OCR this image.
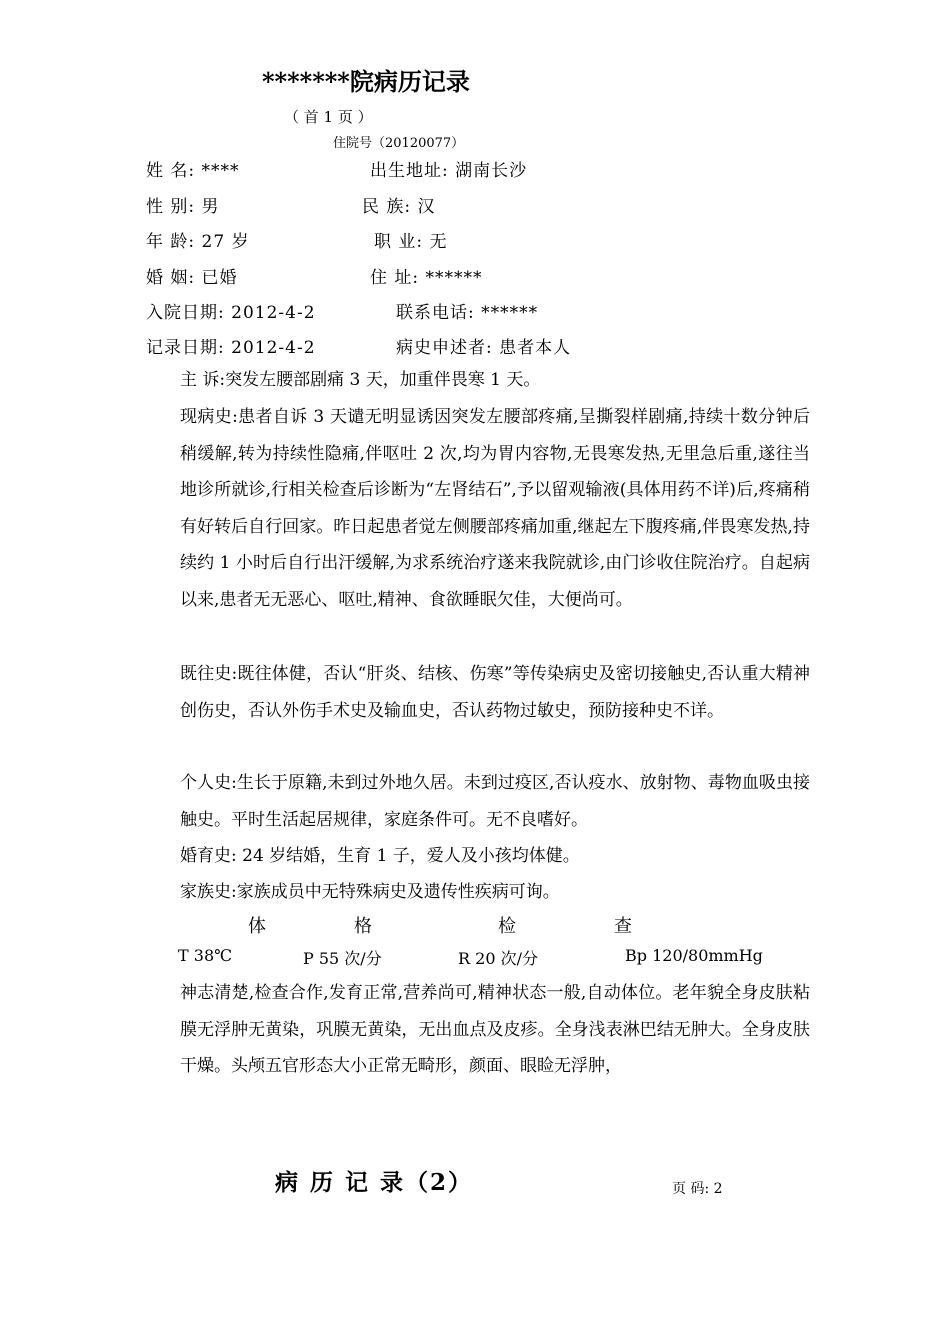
*******院病历记录
（ 首 1 页 ）
住院号（20120077）
姓 名: ****	出生地址: 湖南长沙
性 别: 男	民 族: 汉
年 龄: 27 岁	职 业: 无
婚 姻: 已婚	住 址: ******
入院日期: 2012-4-2	联系电话: ******
记录日期: 2012-4-2	病史申述者: 患者本人
主 诉:突发左腰部剧痛 3 天，加重伴畏寒 1 天。
现病史:患者自诉 3 天谴无明显诱因突发左腰部疼痛,呈撕裂样剧痛,持续十数分钟后稍缓解,转为持续性隐痛,伴呕吐 2 次,均为胃内容物,无畏寒发热,无里急后重,遂往当地诊所就诊,行相关检查后诊断为“左肾结石”,予以留观输液(具体用药不详)后,疼痛稍有好转后自行回家。昨日起患者觉左侧腰部疼痛加重,继起左下腹疼痛,伴畏寒发热,持续约 1 小时后自行出汗缓解,为求系统治疗遂来我院就诊,由门诊收住院治疗。自起病以来,患者无无恶心、呕吐,精神、食欲睡眠欠佳，大便尚可。
既往史:既往体健，否认“肝炎、结核、伤寒”等传染病史及密切接触史,否认重大精神创伤史，否认外伤手术史及输血史，否认药物过敏史，预防接种史不详。
个人史:生长于原籍,未到过外地久居。未到过疫区,否认疫水、放射物、毒物血吸虫接触史。平时生活起居规律，家庭条件可。无不良嗜好。
婚育史: 24 岁结婚，生育 1 子，爱人及小孩均体健。
家族史:家族成员中无特殊病史及遗传性疾病可询。
体	格	检	查
T 38℃	P 55 次/分	R 20 次/分	Bp 120/80mmHg
神志清楚,检查合作,发育正常,营养尚可,精神状态一般,自动体位。老年貌全身皮肤粘膜无浮肿无黄染，巩膜无黄染，无出血点及皮疹。全身浅表淋巴结无肿大。全身皮肤干燥。头颅五官形态大小正常无畸形，颜面、眼睑无浮肿，
病 历 记 录（2）	页 码: 2
